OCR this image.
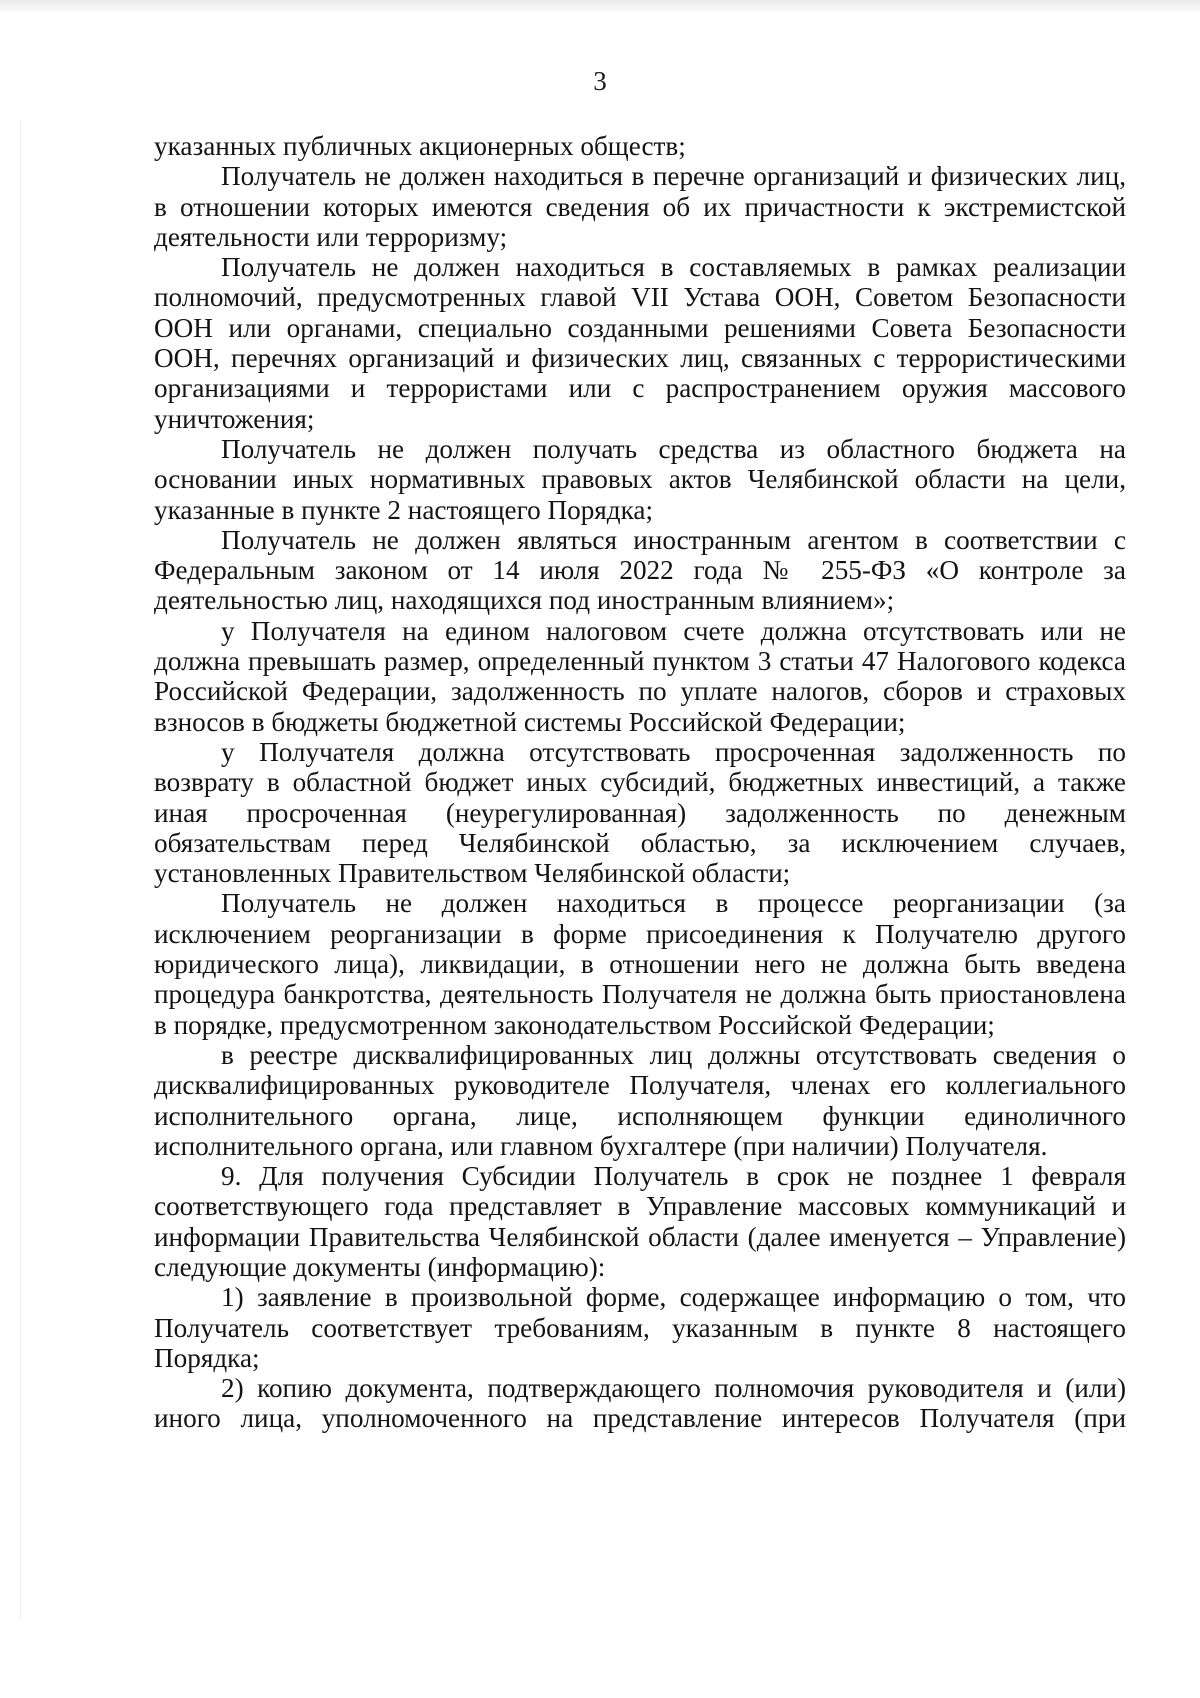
3

указанных публичных акционерных обществ;

Получатель не должен находиться в перечне организаций и физических лиц, в отношении которых имеются сведения об их причастности к экстремистской деятельности или терроризму;

Получатель не должен находиться в составляемых в рамках реализации полномочий, предусмотренных главой VII Устава ООН, Советом Безопасности ООН или органами, специально созданными решениями Совета Безопасности ООН, перечнях организаций и физических лиц, связанных с террористическими организациями и террористами или с распространением оружия массового уничтожения;

Получатель не должен получать средства из областного бюджета на основании иных нормативных правовых актов Челябинской области на цели, указанные в пункте 2 настоящего Порядка;

Получатель не должен являться иностранным агентом в соответствии с Федеральным законом от 14 июля 2022 года № 255-ФЗ «О контроле за деятельностью лиц, находящихся под иностранным влиянием»;

у Получателя на едином налоговом счете должна отсутствовать или не должна превышать размер, определенный пунктом 3 статьи 47 Налогового кодекса Российской Федерации, задолженность по уплате налогов, сборов и страховых взносов в бюджеты бюджетной системы Российской Федерации;

у Получателя должна отсутствовать просроченная задолженность по возврату в областной бюджет иных субсидий, бюджетных инвестиций, а также иная просроченная (неурегулированная) задолженность по денежным обязательствам перед Челябинской областью, за исключением случаев, установленных Правительством Челябинской области;

Получатель не должен находиться в процессе реорганизации (за исключением реорганизации в форме присоединения к Получателю другого юридического лица), ликвидации, в отношении него не должна быть введена процедура банкротства, деятельность Получателя не должна быть приостановлена в порядке, предусмотренном законодательством Российской Федерации;

в реестре дисквалифицированных лиц должны отсутствовать сведения о дисквалифицированных руководителе Получателя, членах его коллегиального исполнительного органа, лице, исполняющем функции единоличного исполнительного органа, или главном бухгалтере (при наличии) Получателя.

9. Для получения Субсидии Получатель в срок не позднее 1 февраля соответствующего года представляет в Управление массовых коммуникаций и информации Правительства Челябинской области (далее именуется – Управление) следующие документы (информацию):

1) заявление в произвольной форме, содержащее информацию о том, что Получатель соответствует требованиям, указанным в пункте 8 настоящего Порядка;

2) копию документа, подтверждающего полномочия руководителя и (или) иного лица, уполномоченного на представление интересов Получателя (при
